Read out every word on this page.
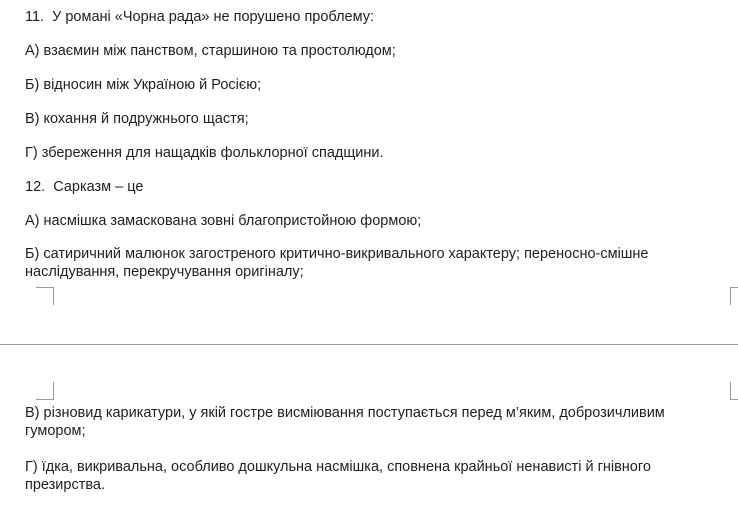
11. У романі «Чорна рада» не порушено проблему:
А) взаємин між панством, старшиною та простолюдом;
Б) відносин між Україною й Росією;
В) кохання й подружнього щастя;
Г) збереження для нащадків фольклорної спадщини.
12. Сарказм – це
А) насмішка замаскована зовні благопристойною формою;
Б) сатиричний малюнок загостреного критично-викривального характеру; переносно-смішне
наслідування, перекручування оригіналу;
В) різновид карикатури, у якій гостре висміювання поступається перед м’яким, доброзичливим
гумором;
Г) їдка, викривальна, особливо дошкульна насмішка, сповнена крайньої ненависті й гнівного
презирства.
